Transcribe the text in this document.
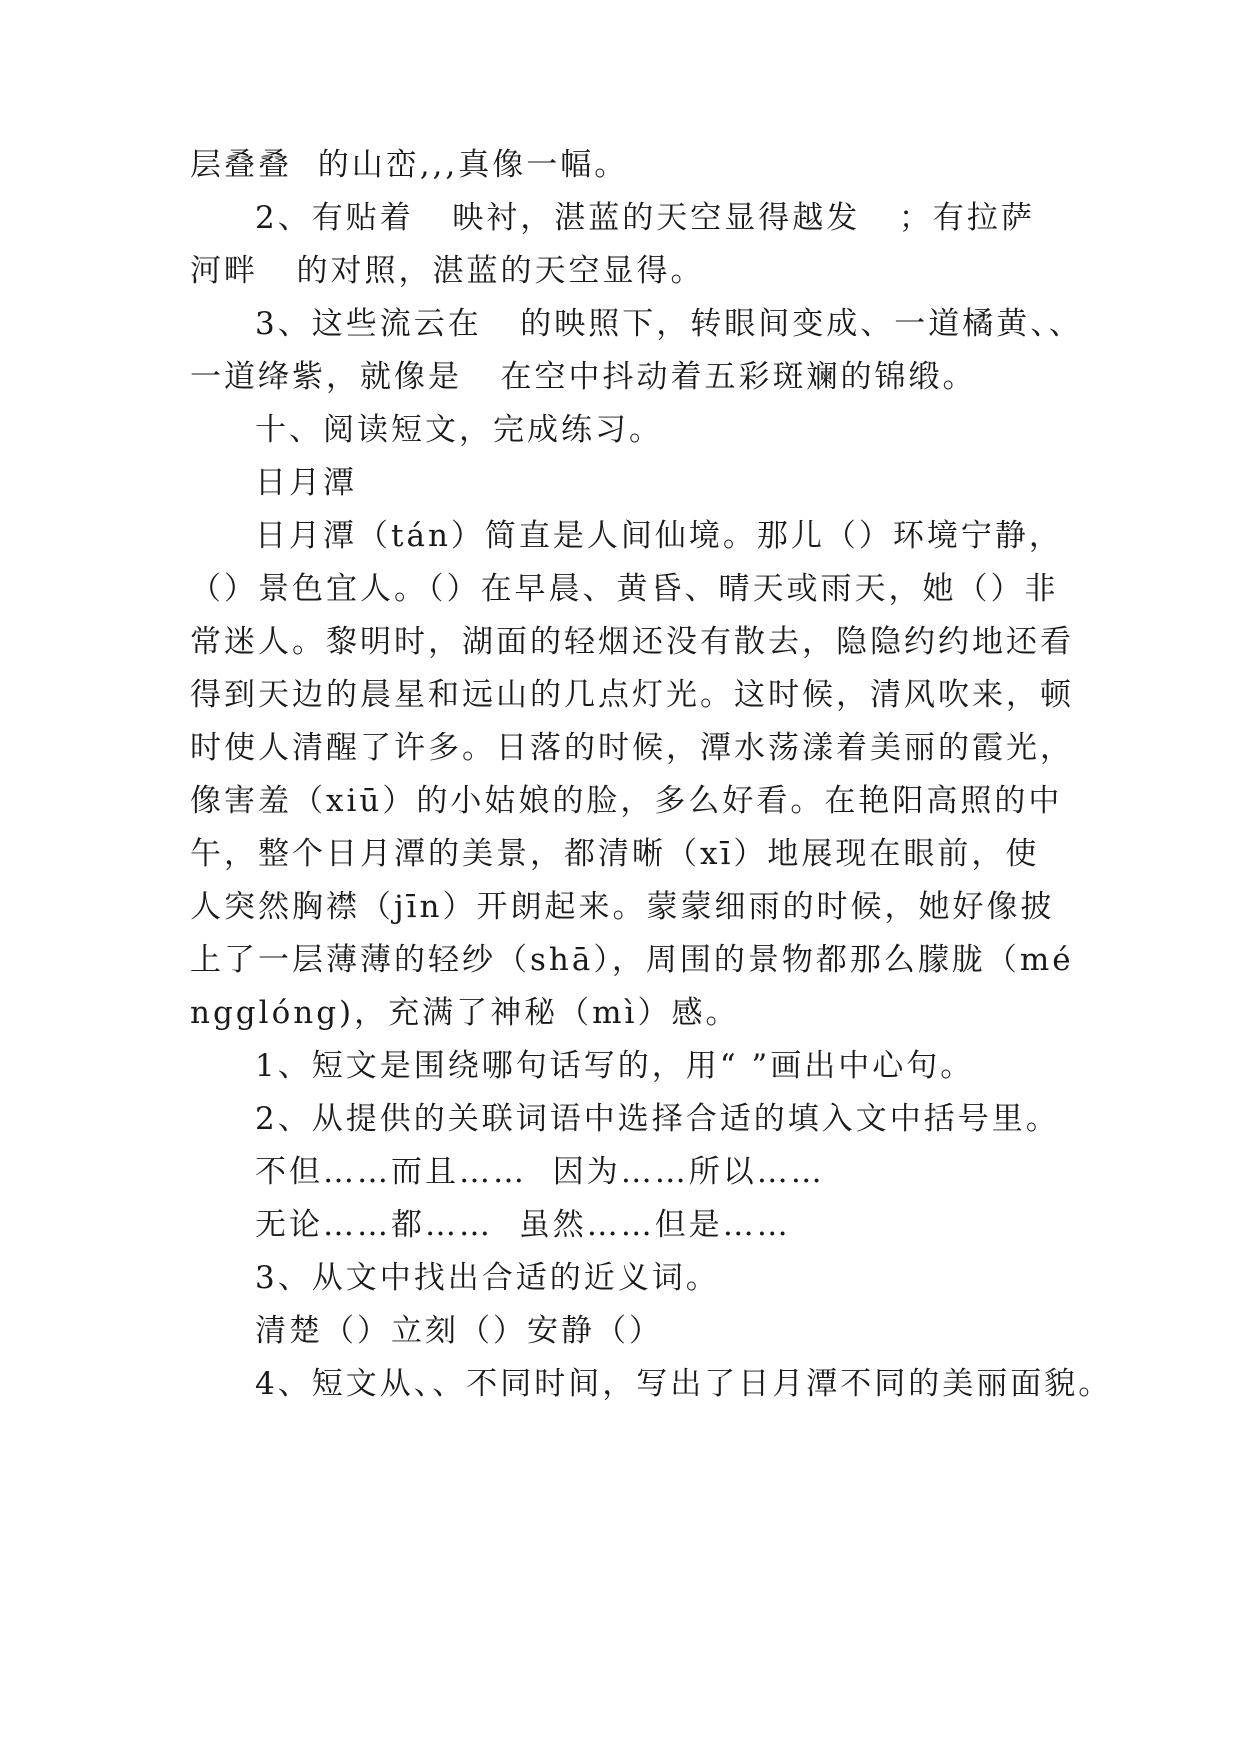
层叠叠  的山峦,,,真像一幅。
2、有贴着   映衬，湛蓝的天空显得越发   ；有拉萨
河畔   的对照，湛蓝的天空显得。
3、这些流云在   的映照下，转眼间变成、一道橘黄、、
一道绛紫，就像是   在空中抖动着五彩斑斓的锦缎。
十、阅读短文，完成练习。
日月潭
日月潭（tán）简直是人间仙境。那儿（）环境宁静，
（）景色宜人。（）在早晨、黄昏、晴天或雨天，她（）非
常迷人。黎明时，湖面的轻烟还没有散去，隐隐约约地还看
得到天边的晨星和远山的几点灯光。这时候，清风吹来，顿
时使人清醒了许多。日落的时候，潭水荡漾着美丽的霞光，
像害羞（xiū）的小姑娘的脸，多么好看。在艳阳高照的中
午，整个日月潭的美景，都清晰（xī）地展现在眼前，使
人突然胸襟（jīn）开朗起来。蒙蒙细雨的时候，她好像披
上了一层薄薄的轻纱（shā），周围的景物都那么朦胧（mé
ngglóng)，充满了神秘（mì）感。
1、短文是围绕哪句话写的，用“ ”画出中心句。
2、从提供的关联词语中选择合适的填入文中括号里。
不但……而且……  因为……所以……
无论……都……  虽然……但是……
3、从文中找出合适的近义词。
清楚（）立刻（）安静（）
4、短文从、、不同时间，写出了日月潭不同的美丽面貌。
